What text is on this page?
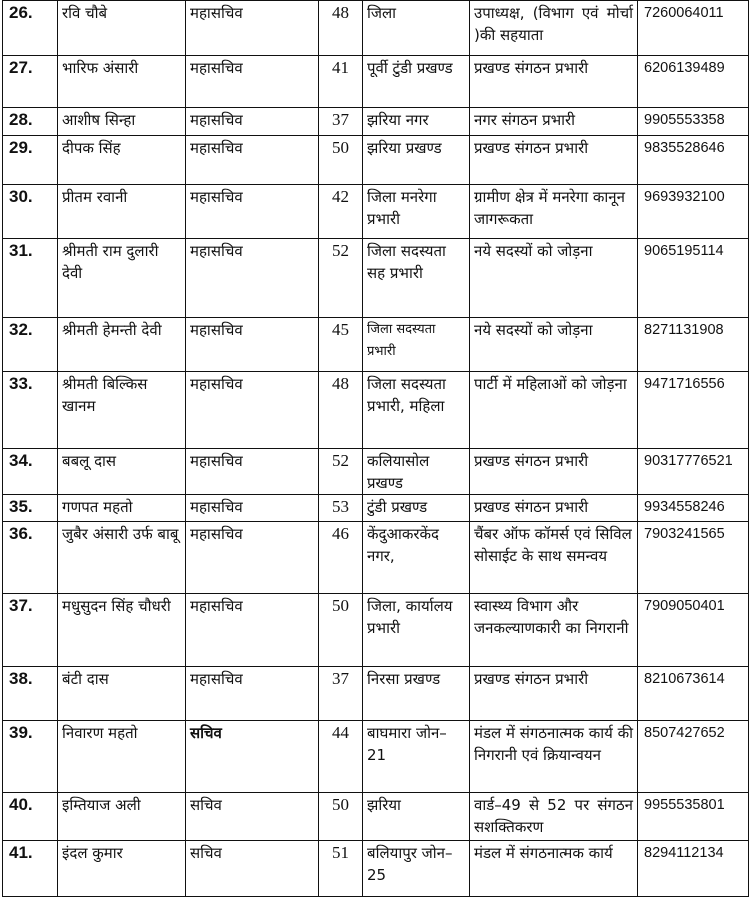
26.	रवि चौबे	महासचिव	48	जिला	उपाध्यक्ष, (विभाग एवं मोर्चा )की सहयाता	7260064011
27.	भारिफ अंसारी	महासचिव	41	पूर्वी टुंडी प्रखण्ड	प्रखण्ड संगठन प्रभारी	6206139489
28.	आशीष सिन्हा	महासचिव	37	झरिया नगर	नगर संगठन प्रभारी	9905553358
29.	दीपक सिंह	महासचिव	50	झरिया प्रखण्ड	प्रखण्ड संगठन प्रभारी	9835528646
30.	प्रीतम रवानी	महासचिव	42	जिला मनरेगा प्रभारी	ग्रामीण क्षेत्र में मनरेगा कानून जागरूकता	9693932100
31.	श्रीमती राम दुलारी देवी	महासचिव	52	जिला सदस्यता सह प्रभारी	नये सदस्यों को जोड़ना	9065195114
32.	श्रीमती हेमन्ती देवी	महासचिव	45	जिला सदस्यता प्रभारी	नये सदस्यों को जोड़ना	8271131908
33.	श्रीमती बिल्किस खानम	महासचिव	48	जिला सदस्यता प्रभारी, महिला	पार्टी में महिलाओं को जोड़ना	9471716556
34.	बबलू दास	महासचिव	52	कलियासोल प्रखण्ड	प्रखण्ड संगठन प्रभारी	90317776521
35.	गणपत महतो	महासचिव	53	टुंडी प्रखण्ड	प्रखण्ड संगठन प्रभारी	9934558246
36.	जुबैर अंसारी उर्फ बाबू	महासचिव	46	केंदुआकरकेंद नगर,	चैंबर ऑफ कॉमर्स एवं सिविल सोसाईट के साथ समन्वय	7903241565
37.	मधुसुदन सिंह चौधरी	महासचिव	50	जिला, कार्यालय प्रभारी	स्वास्थ्य विभाग और जनकल्याणकारी का निगरानी	7909050401
38.	बंटी दास	महासचिव	37	निरसा प्रखण्ड	प्रखण्ड संगठन प्रभारी	8210673614
39.	निवारण महतो	सचिव	44	बाघमारा जोन–21	मंडल में संगठनात्मक कार्य की निगरानी एवं क्रियान्वयन	8507427652
40.	इम्तियाज अली	सचिव	50	झरिया	वार्ड–49 से 52 पर संगठन सशक्तिकरण	9955535801
41.	इंदल कुमार	सचिव	51	बलियापुर जोन–25	मंडल में संगठनात्मक कार्य	8294112134
